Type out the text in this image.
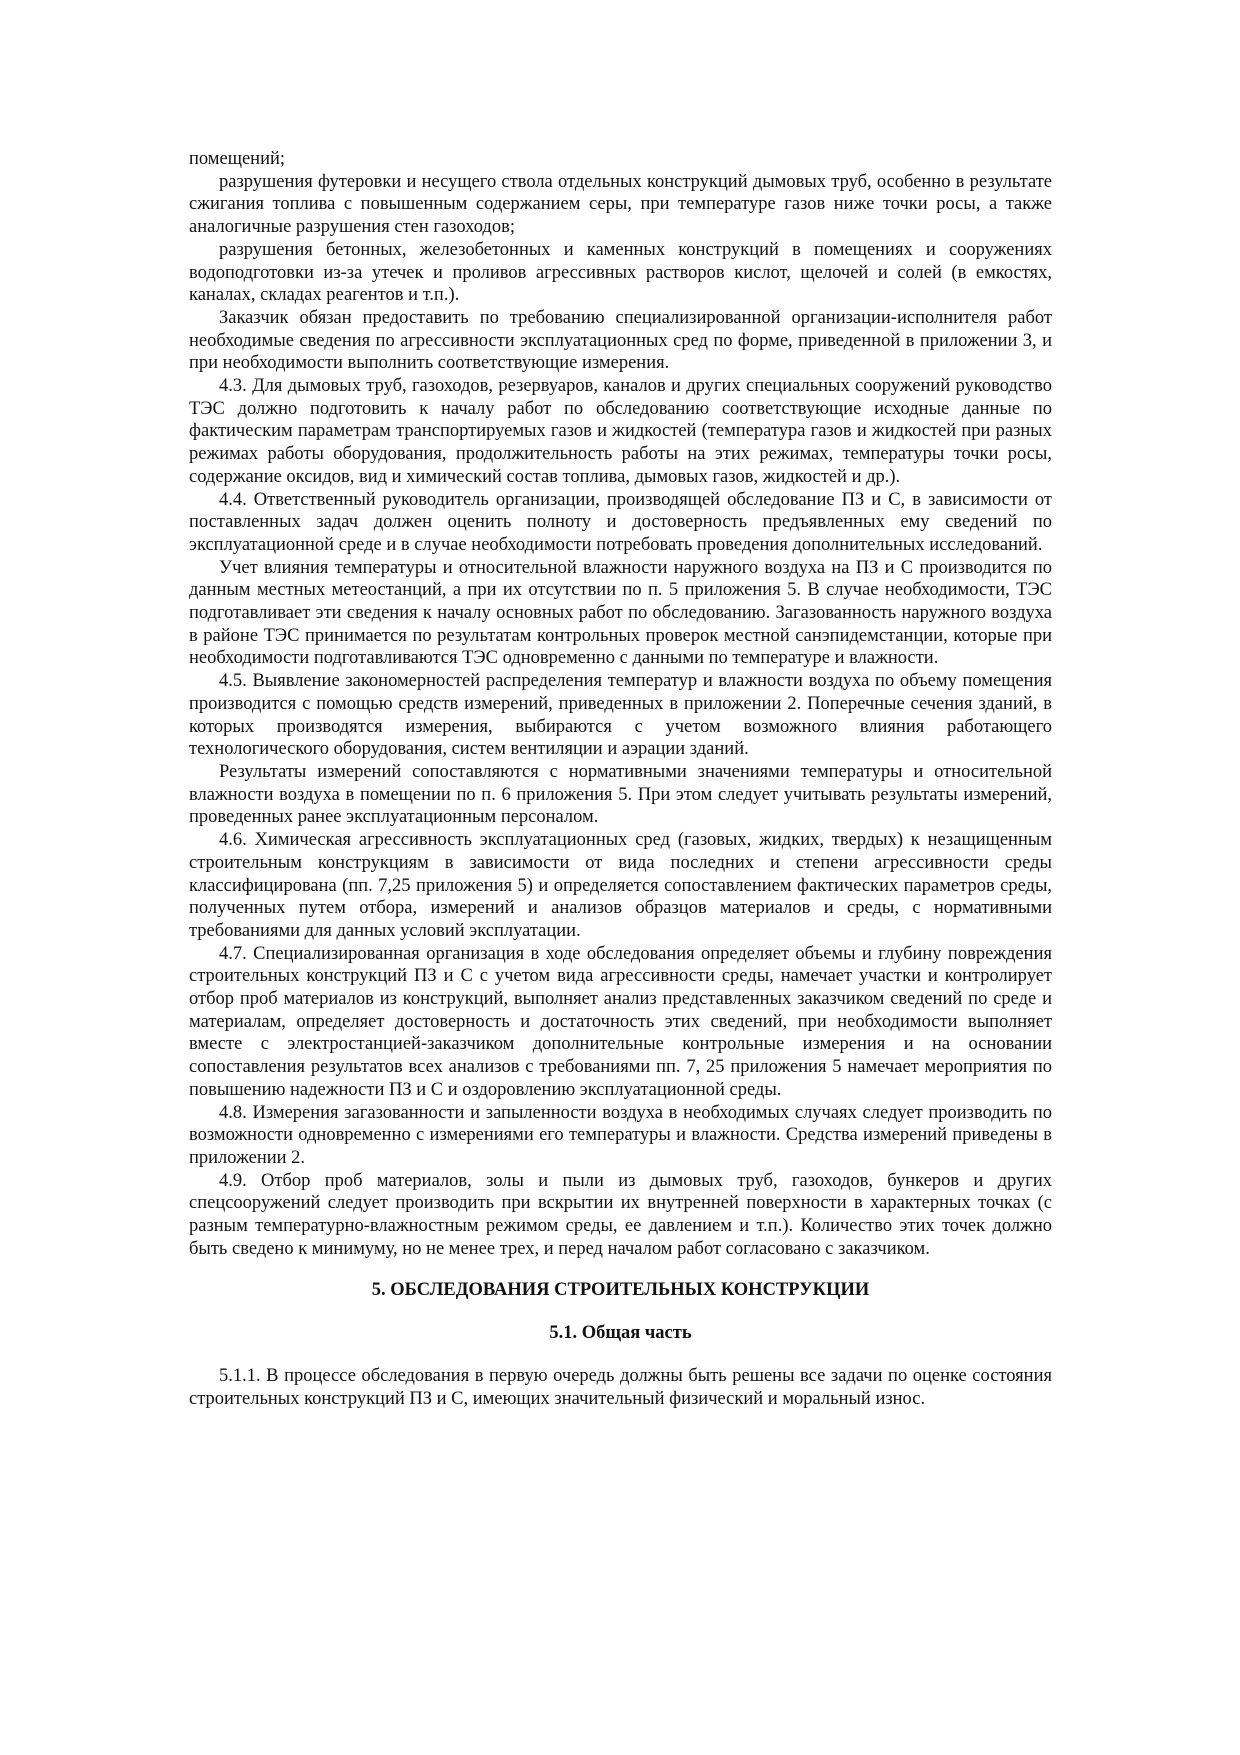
помещений;

разрушения футеровки и несущего ствола отдельных конструкций дымовых труб, особенно в результате сжигания топлива с повышенным содержанием серы, при температуре газов ниже точки росы, а также аналогичные разрушения стен газоходов;

разрушения бетонных, железобетонных и каменных конструкций в помещениях и сооружениях водоподготовки из-за утечек и проливов агрессивных растворов кислот, щелочей и солей (в емкостях, каналах, складах реагентов и т.п.).

Заказчик обязан предоставить по требованию специализированной организации-исполнителя работ необходимые сведения по агрессивности эксплуатационных сред по форме, приведенной в приложении 3, и при необходимости выполнить соответствующие измерения.

4.3. Для дымовых труб, газоходов, резервуаров, каналов и других специальных сооружений руководство ТЭС должно подготовить к началу работ по обследованию соответствующие исходные данные по фактическим параметрам транспортируемых газов и жидкостей (температура газов и жидкостей при разных режимах работы оборудования, продолжительность работы на этих режимах, температуры точки росы, содержание оксидов, вид и химический состав топлива, дымовых газов, жидкостей и др.).

4.4. Ответственный руководитель организации, производящей обследование ПЗ и С, в зависимости от поставленных задач должен оценить полноту и достоверность предъявленных ему сведений по эксплуатационной среде и в случае необходимости потребовать проведения дополнительных исследований.

Учет влияния температуры и относительной влажности наружного воздуха на ПЗ и С производится по данным местных метеостанций, а при их отсутствии по п. 5 приложения 5. В случае необходимости, ТЭС подготавливает эти сведения к началу основных работ по обследованию. Загазованность наружного воздуха в районе ТЭС принимается по результатам контрольных проверок местной санэпидемстанции, которые при необходимости подготавливаются ТЭС одновременно с данными по температуре и влажности.

4.5. Выявление закономерностей распределения температур и влажности воздуха по объему помещения производится с помощью средств измерений, приведенных в приложении 2. Поперечные сечения зданий, в которых производятся измерения, выбираются с учетом возможного влияния работающего технологического оборудования, систем вентиляции и аэрации зданий.

Результаты измерений сопоставляются с нормативными значениями температуры и относительной влажности воздуха в помещении по п. 6 приложения 5. При этом следует учитывать результаты измерений, проведенных ранее эксплуатационным персоналом.

4.6. Химическая агрессивность эксплуатационных сред (газовых, жидких, твердых) к незащищенным строительным конструкциям в зависимости от вида последних и степени агрессивности среды классифицирована (пп. 7,25 приложения 5) и определяется сопоставлением фактических параметров среды, полученных путем отбора, измерений и анализов образцов материалов и среды, с нормативными требованиями для данных условий эксплуатации.

4.7. Специализированная организация в ходе обследования определяет объемы и глубину повреждения строительных конструкций ПЗ и С с учетом вида агрессивности среды, намечает участки и контролирует отбор проб материалов из конструкций, выполняет анализ представленных заказчиком сведений по среде и материалам, определяет достоверность и достаточность этих сведений, при необходимости выполняет вместе с электростанцией-заказчиком дополнительные контрольные измерения и на основании сопоставления результатов всех анализов с требованиями пп. 7, 25 приложения 5 намечает мероприятия по повышению надежности ПЗ и С и оздоровлению эксплуатационной среды.

4.8. Измерения загазованности и запыленности воздуха в необходимых случаях следует производить по возможности одновременно с измерениями его температуры и влажности. Средства измерений приведены в приложении 2.

4.9. Отбор проб материалов, золы и пыли из дымовых труб, газоходов, бункеров и других спецсооружений следует производить при вскрытии их внутренней поверхности в характерных точках (с разным температурно-влажностным режимом среды, ее давлением и т.п.). Количество этих точек должно быть сведено к минимуму, но не менее трех, и перед началом работ согласовано с заказчиком.

5. ОБСЛЕДОВАНИЯ СТРОИТЕЛЬНЫХ КОНСТРУКЦИИ
5.1. Общая часть

5.1.1. В процессе обследования в первую очередь должны быть решены все задачи по оценке состояния строительных конструкций ПЗ и С, имеющих значительный физический и моральный износ.
